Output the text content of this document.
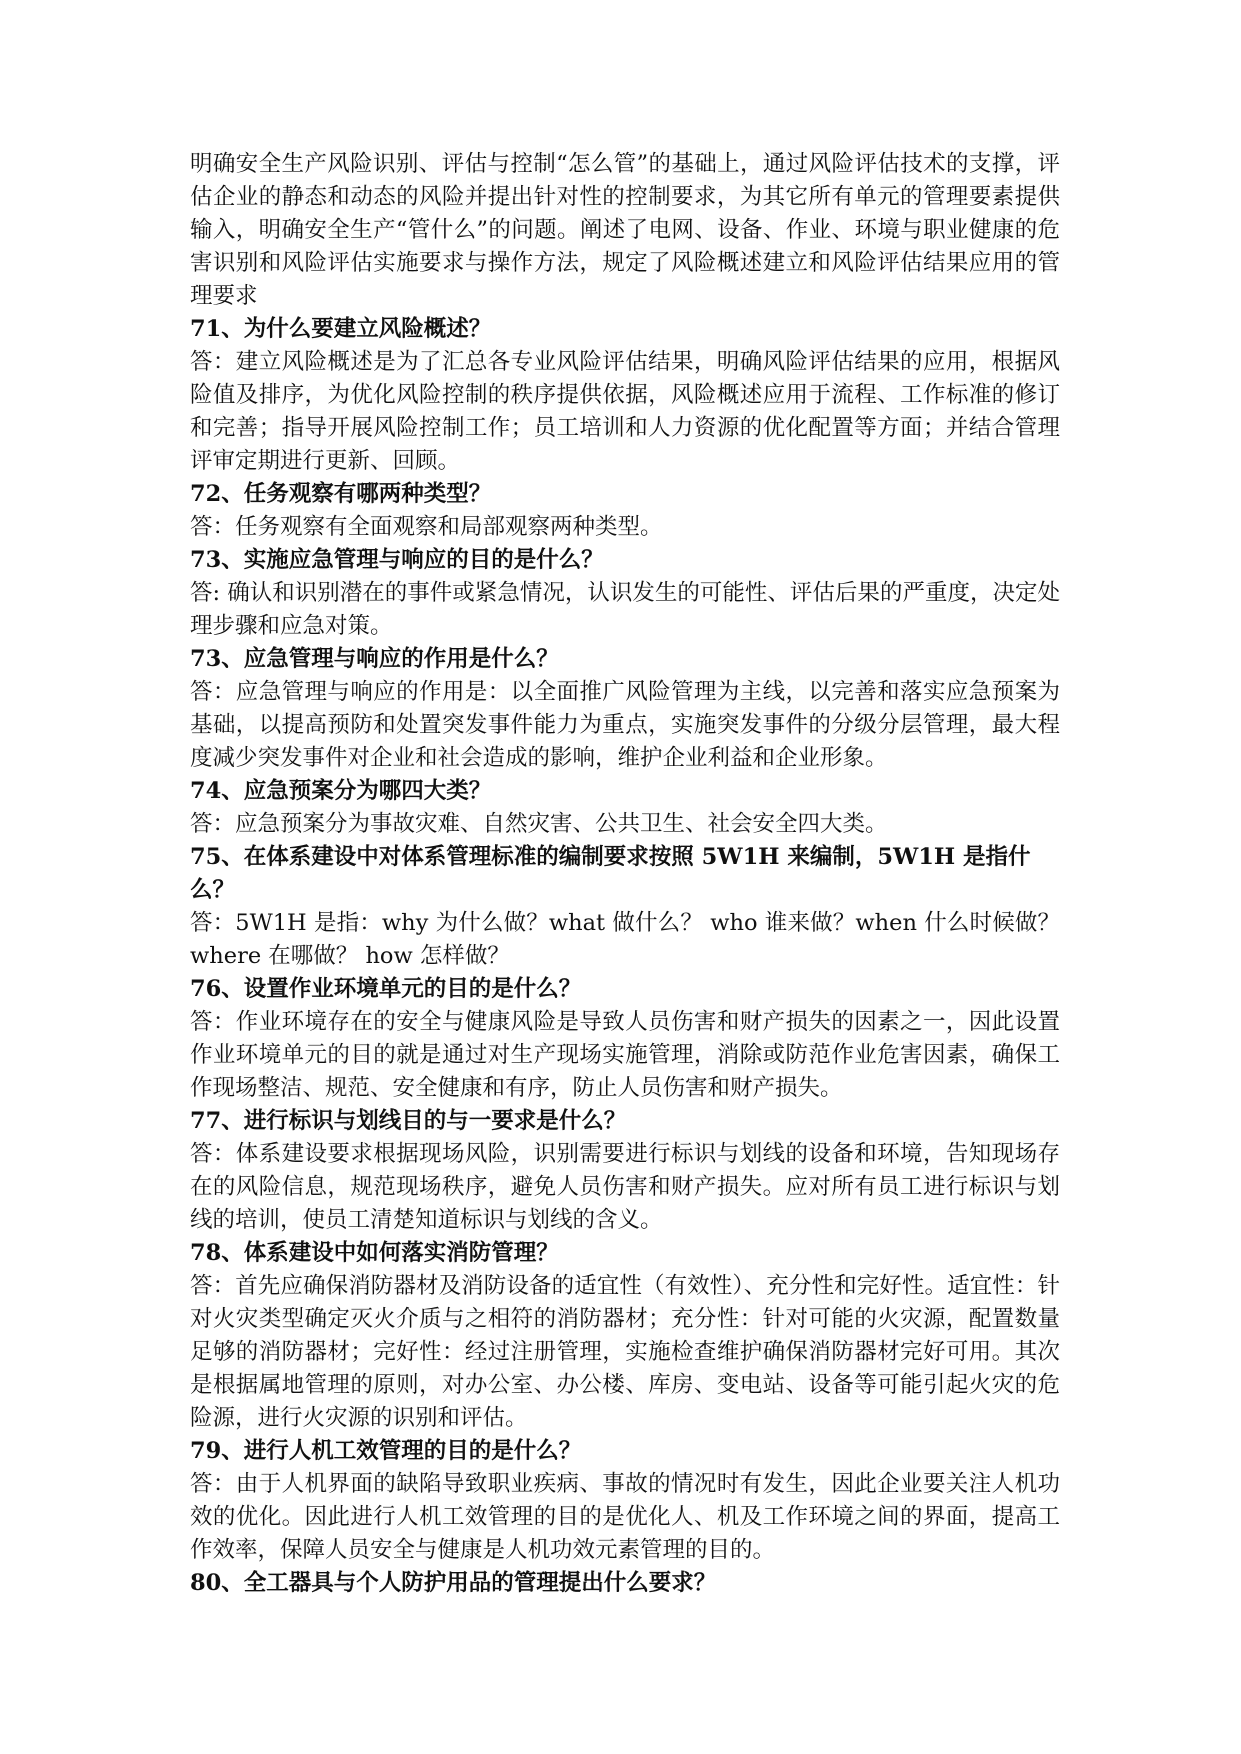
明确安全生产风险识别、评估与控制“怎么管”的基础上，通过风险评估技术的支撑，评估企业的静态和动态的风险并提出针对性的控制要求，为其它所有单元的管理要素提供输入，明确安全生产“管什么”的问题。阐述了电网、设备、作业、环境与职业健康的危害识别和风险评估实施要求与操作方法，规定了风险概述建立和风险评估结果应用的管理要求

71、为什么要建立风险概述？

答：建立风险概述是为了汇总各专业风险评估结果，明确风险评估结果的应用，根据风险值及排序，为优化风险控制的秩序提供依据，风险概述应用于流程、工作标准的修订和完善；指导开展风险控制工作；员工培训和人力资源的优化配置等方面；并结合管理评审定期进行更新、回顾。

72、任务观察有哪两种类型？

答：任务观察有全面观察和局部观察两种类型。

73、实施应急管理与响应的目的是什么？

答: 确认和识别潜在的事件或紧急情况，认识发生的可能性、评估后果的严重度，决定处理步骤和应急对策。

73、应急管理与响应的作用是什么？

答：应急管理与响应的作用是：以全面推广风险管理为主线，以完善和落实应急预案为基础，以提高预防和处置突发事件能力为重点，实施突发事件的分级分层管理，最大程度减少突发事件对企业和社会造成的影响，维护企业利益和企业形象。

74、应急预案分为哪四大类？

答：应急预案分为事故灾难、自然灾害、公共卫生、社会安全四大类。

75、在体系建设中对体系管理标准的编制要求按照 5W1H 来编制，5W1H 是指什么？

答：5W1H 是指：why 为什么做？what 做什么？ who 谁来做？when 什么时候做？where 在哪做？ how 怎样做？

76、设置作业环境单元的目的是什么？

答：作业环境存在的安全与健康风险是导致人员伤害和财产损失的因素之一，因此设置作业环境单元的目的就是通过对生产现场实施管理，消除或防范作业危害因素，确保工作现场整洁、规范、安全健康和有序，防止人员伤害和财产损失。

77、进行标识与划线目的与一要求是什么？

答：体系建设要求根据现场风险，识别需要进行标识与划线的设备和环境，告知现场存在的风险信息，规范现场秩序，避免人员伤害和财产损失。应对所有员工进行标识与划线的培训，使员工清楚知道标识与划线的含义。

78、体系建设中如何落实消防管理？

答：首先应确保消防器材及消防设备的适宜性（有效性）、充分性和完好性。适宜性：针对火灾类型确定灭火介质与之相符的消防器材；充分性：针对可能的火灾源，配置数量足够的消防器材；完好性：经过注册管理，实施检查维护确保消防器材完好可用。其次是根据属地管理的原则，对办公室、办公楼、库房、变电站、设备等可能引起火灾的危险源，进行火灾源的识别和评估。

79、进行人机工效管理的目的是什么？

答：由于人机界面的缺陷导致职业疾病、事故的情况时有发生，因此企业要关注人机功效的优化。因此进行人机工效管理的目的是优化人、机及工作环境之间的界面，提高工作效率，保障人员安全与健康是人机功效元素管理的目的。

80、全工器具与个人防护用品的管理提出什么要求？
